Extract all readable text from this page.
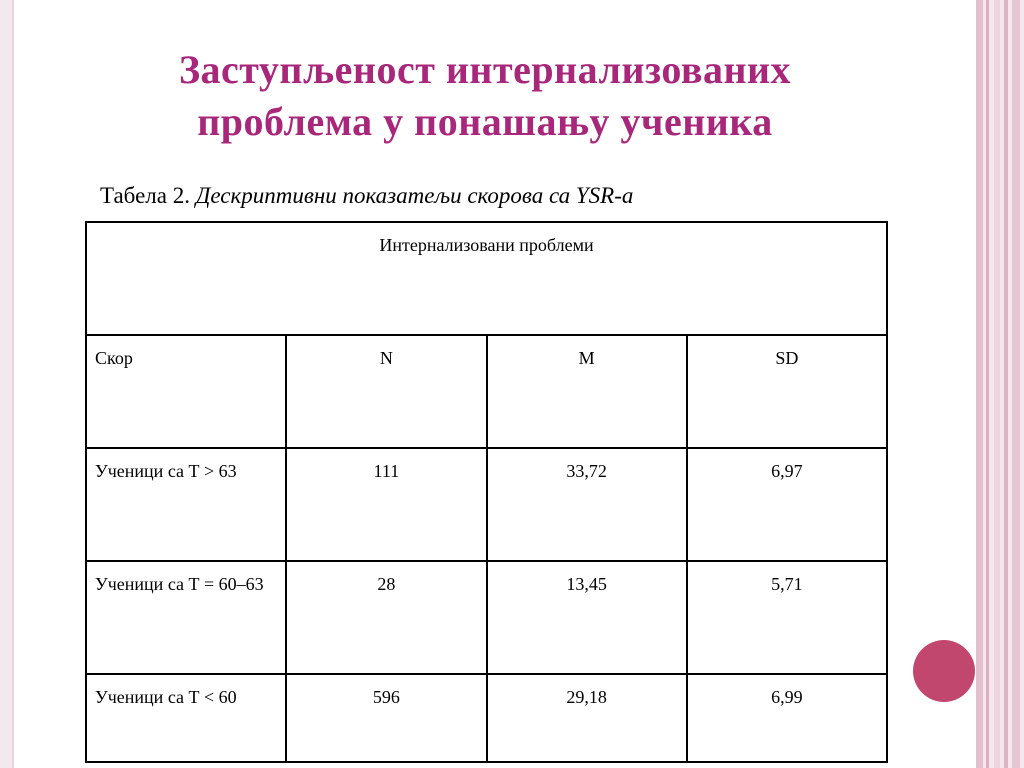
Заступљеност интернализованих
проблема у понашању ученика
Табела 2. Дескриптивни показатељи скорова са YSR-а
Интернализовани проблеми			
Скор	N	M	SD
Ученици са Т > 63	111	33,72	6,97
Ученици са Т = 60–63	28	13,45	5,71
Ученици са Т < 60	596	29,18	6,99
